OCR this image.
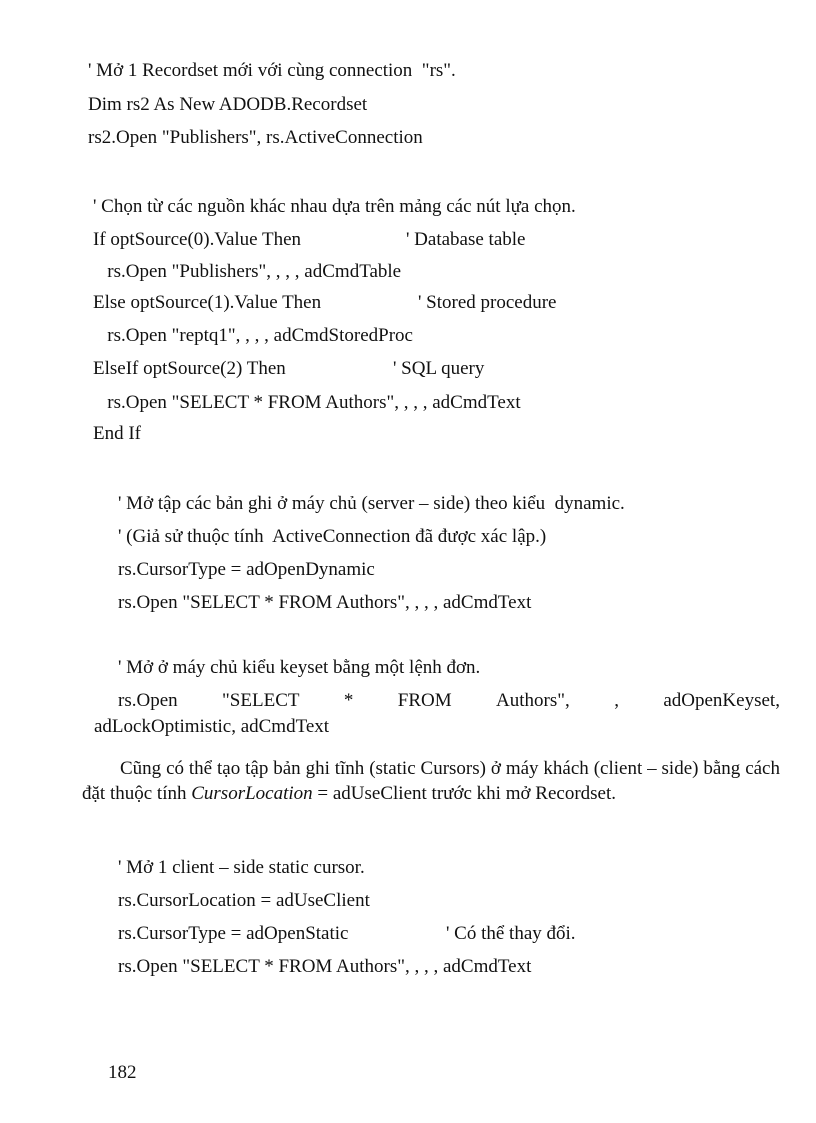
' Mở 1 Recordset mới với cùng connection  "rs".
Dim rs2 As New ADODB.Recordset
rs2.Open "Publishers", rs.ActiveConnection
' Chọn từ các nguồn khác nhau dựa trên mảng các nút lựa chọn.
If optSource(0).Value Then	' Database table
rs.Open "Publishers", , , , adCmdTable
Else optSource(1).Value Then	' Stored procedure
rs.Open "reptq1", , , , adCmdStoredProc
ElseIf optSource(2) Then	' SQL query
rs.Open "SELECT * FROM Authors", , , , adCmdText
End If
' Mở tập các bản ghi ở máy chủ (server – side) theo kiểu  dynamic.
' (Giả sử thuộc tính  ActiveConnection đã được xác lập.)
rs.CursorType = adOpenDynamic
rs.Open "SELECT * FROM Authors", , , , adCmdText
' Mở ở máy chủ kiểu keyset bằng một lệnh đơn.
rs.Open "SELECT * FROM Authors", , adOpenKeyset,
adLockOptimistic, adCmdText
Cũng có thể tạo tập bản ghi tĩnh (static Cursors) ở máy khách (client – side) bằng cách đặt thuộc tính CursorLocation = adUseClient trước khi mở Recordset.
' Mở 1 client – side static cursor.
rs.CursorLocation = adUseClient
rs.CursorType = adOpenStatic	' Có thể thay đổi.
rs.Open "SELECT * FROM Authors", , , , adCmdText
182
